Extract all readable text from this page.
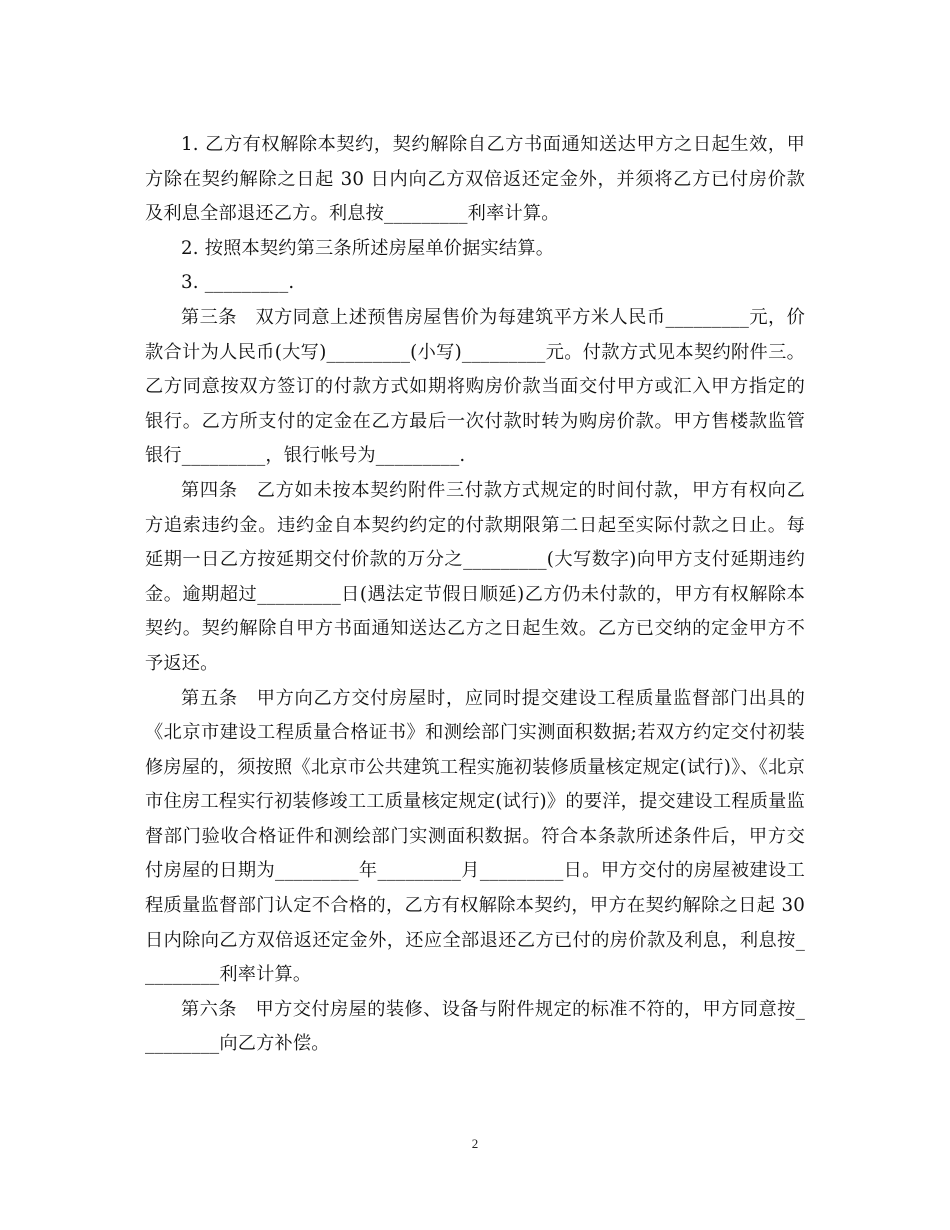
1. 乙方有权解除本契约，契约解除自乙方书面通知送达甲方之日起生效，甲方除在契约解除之日起 30 日内向乙方双倍返还定金外，并须将乙方已付房价款及利息全部退还乙方。利息按_________利率计算。

2. 按照本契约第三条所述房屋单价据实结算。

3. _________.

第三条　双方同意上述预售房屋售价为每建筑平方米人民币_________元，价款合计为人民币(大写)_________(小写)_________元。付款方式见本契约附件三。乙方同意按双方签订的付款方式如期将购房价款当面交付甲方或汇入甲方指定的银行。乙方所支付的定金在乙方最后一次付款时转为购房价款。甲方售楼款监管银行_________，银行帐号为_________.

第四条　乙方如未按本契约附件三付款方式规定的时间付款，甲方有权向乙方追索违约金。违约金自本契约约定的付款期限第二日起至实际付款之日止。每延期一日乙方按延期交付价款的万分之_________(大写数字)向甲方支付延期违约金。逾期超过_________日(遇法定节假日顺延)乙方仍未付款的，甲方有权解除本契约。契约解除自甲方书面通知送达乙方之日起生效。乙方已交纳的定金甲方不予返还。

第五条　甲方向乙方交付房屋时，应同时提交建设工程质量监督部门出具的《北京市建设工程质量合格证书》和测绘部门实测面积数据;若双方约定交付初装修房屋的，须按照《北京市公共建筑工程实施初装修质量核定规定(试行)》、《北京市住房工程实行初装修竣工工质量核定规定(试行)》的要洋，提交建设工程质量监督部门验收合格证件和测绘部门实测面积数据。符合本条款所述条件后，甲方交付房屋的日期为_________年_________月_________日。甲方交付的房屋被建设工程质量监督部门认定不合格的，乙方有权解除本契约，甲方在契约解除之日起 30 日内除向乙方双倍返还定金外，还应全部退还乙方已付的房价款及利息，利息按_________利率计算。

第六条　甲方交付房屋的装修、设备与附件规定的标准不符的，甲方同意按_________向乙方补偿。

2
